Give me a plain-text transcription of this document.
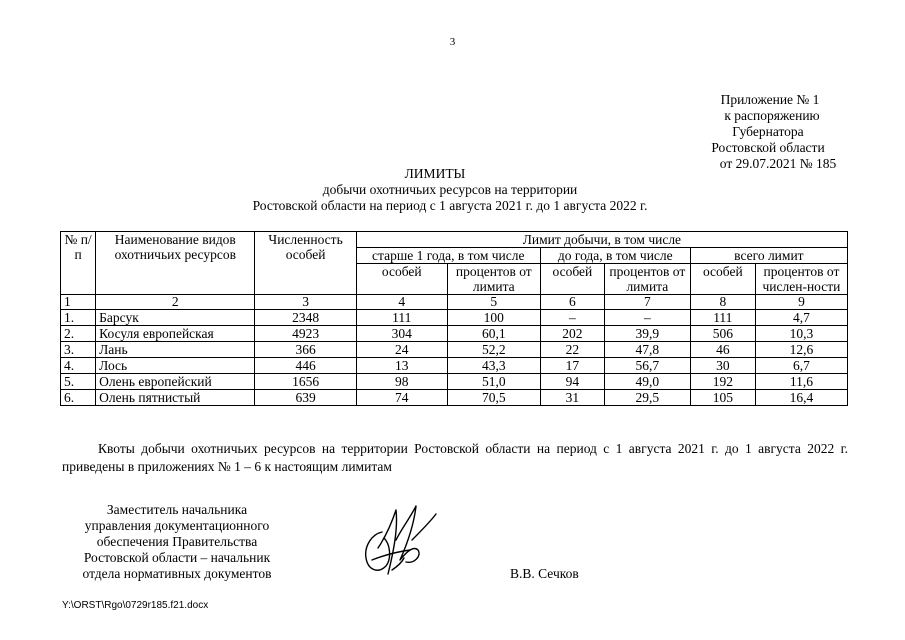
3
Приложение № 1
к распоряжению
Губернатора
Ростовской области
от 29.07.2021 № 185
ЛИМИТЫ
добычи охотничьих ресурсов на территории
Ростовской области на период с 1 августа 2021 г. до 1 августа 2022 г.
№ п/п	Наименование видов охотничьих ресурсов	Численность особей	Лимит добычи, в том числе					
			старше 1 года, в том числе		до года, в том числе		всего лимит	
			особей	процентов от лимита	особей	процентов от лимита	особей	процентов от числен-ности
1	2	3	4	5	6	7	8	9
1.	Барсук	2348	111	100	–	–	111	4,7
2.	Косуля европейская	4923	304	60,1	202	39,9	506	10,3
3.	Лань	366	24	52,2	22	47,8	46	12,6
4.	Лось	446	13	43,3	17	56,7	30	6,7
5.	Олень европейский	1656	98	51,0	94	49,0	192	11,6
6.	Олень пятнистый	639	74	70,5	31	29,5	105	16,4
Квоты добычи охотничьих ресурсов на территории Ростовской области на период с 1 августа 2021 г. до 1 августа 2022 г. приведены в приложениях № 1 – 6 к настоящим лимитам
Заместитель начальника
управления документационного
обеспечения Правительства
Ростовской области – начальник
отдела нормативных документов	В.В. Сечков
Y:\ORST\Rgo\0729r185.f21.docx
